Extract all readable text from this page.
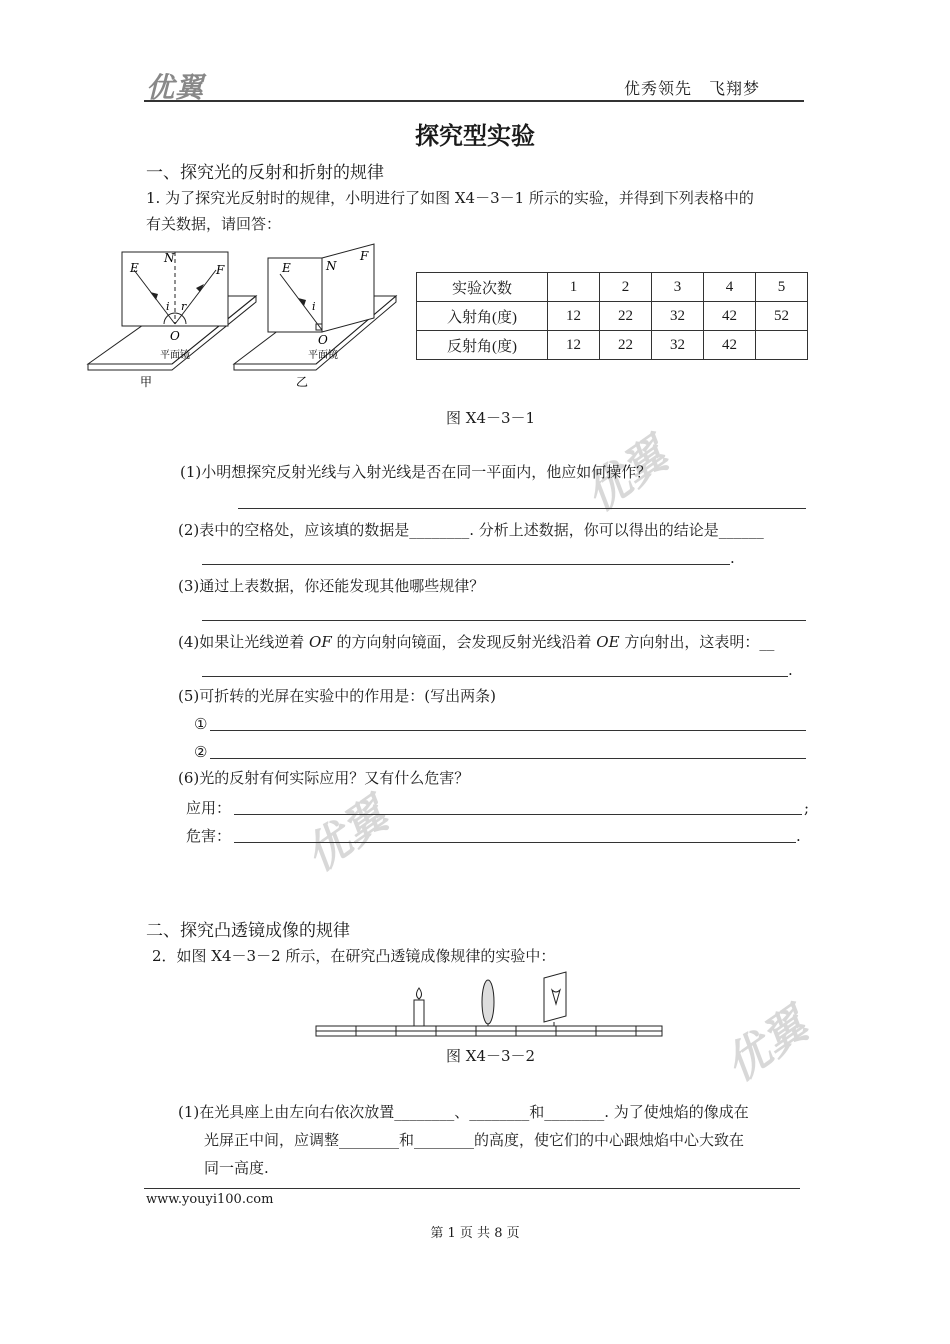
优翼	优秀领先　飞翔梦
优翼
优翼
优翼
探究型实验
一、探究光的反射和折射的规律
1. 为了探究光反射时的规律，小明进行了如图 X4－3－1 所示的实验，并得到下列表格中的
有关数据，请回答：
E
N
F
i r
O
平面镜
甲
E	N
F
i
O
平面镜
乙
实验次数	1	2	3	4	5
入射角(度)	12	22	32	42	52
反射角(度)	12	22	32	42	
图 X4－3－1
(1)小明想探究反射光线与入射光线是否在同一平面内，他应如何操作？
(2)表中的空格处，应该填的数据是________. 分析上述数据，你可以得出的结论是______
.
(3)通过上表数据，你还能发现其他哪些规律？
(4)如果让光线逆着 OF 的方向射向镜面，会发现反射光线沿着 OE 方向射出，这表明：__
.
(5)可折转的光屏在实验中的作用是：(写出两条)
①
②
(6)光的反射有何实际应用？又有什么危害？
应用：	;
危害：	.
二、探究凸透镜成像的规律
2．如图 X4－3－2 所示，在研究凸透镜成像规律的实验中：
图 X4－3－2
(1)在光具座上由左向右依次放置________、________和________. 为了使烛焰的像成在
光屏正中间，应调整________和________的高度，使它们的中心跟烛焰中心大致在
同一高度.
www.youyi100.com
第 1 页 共 8 页
